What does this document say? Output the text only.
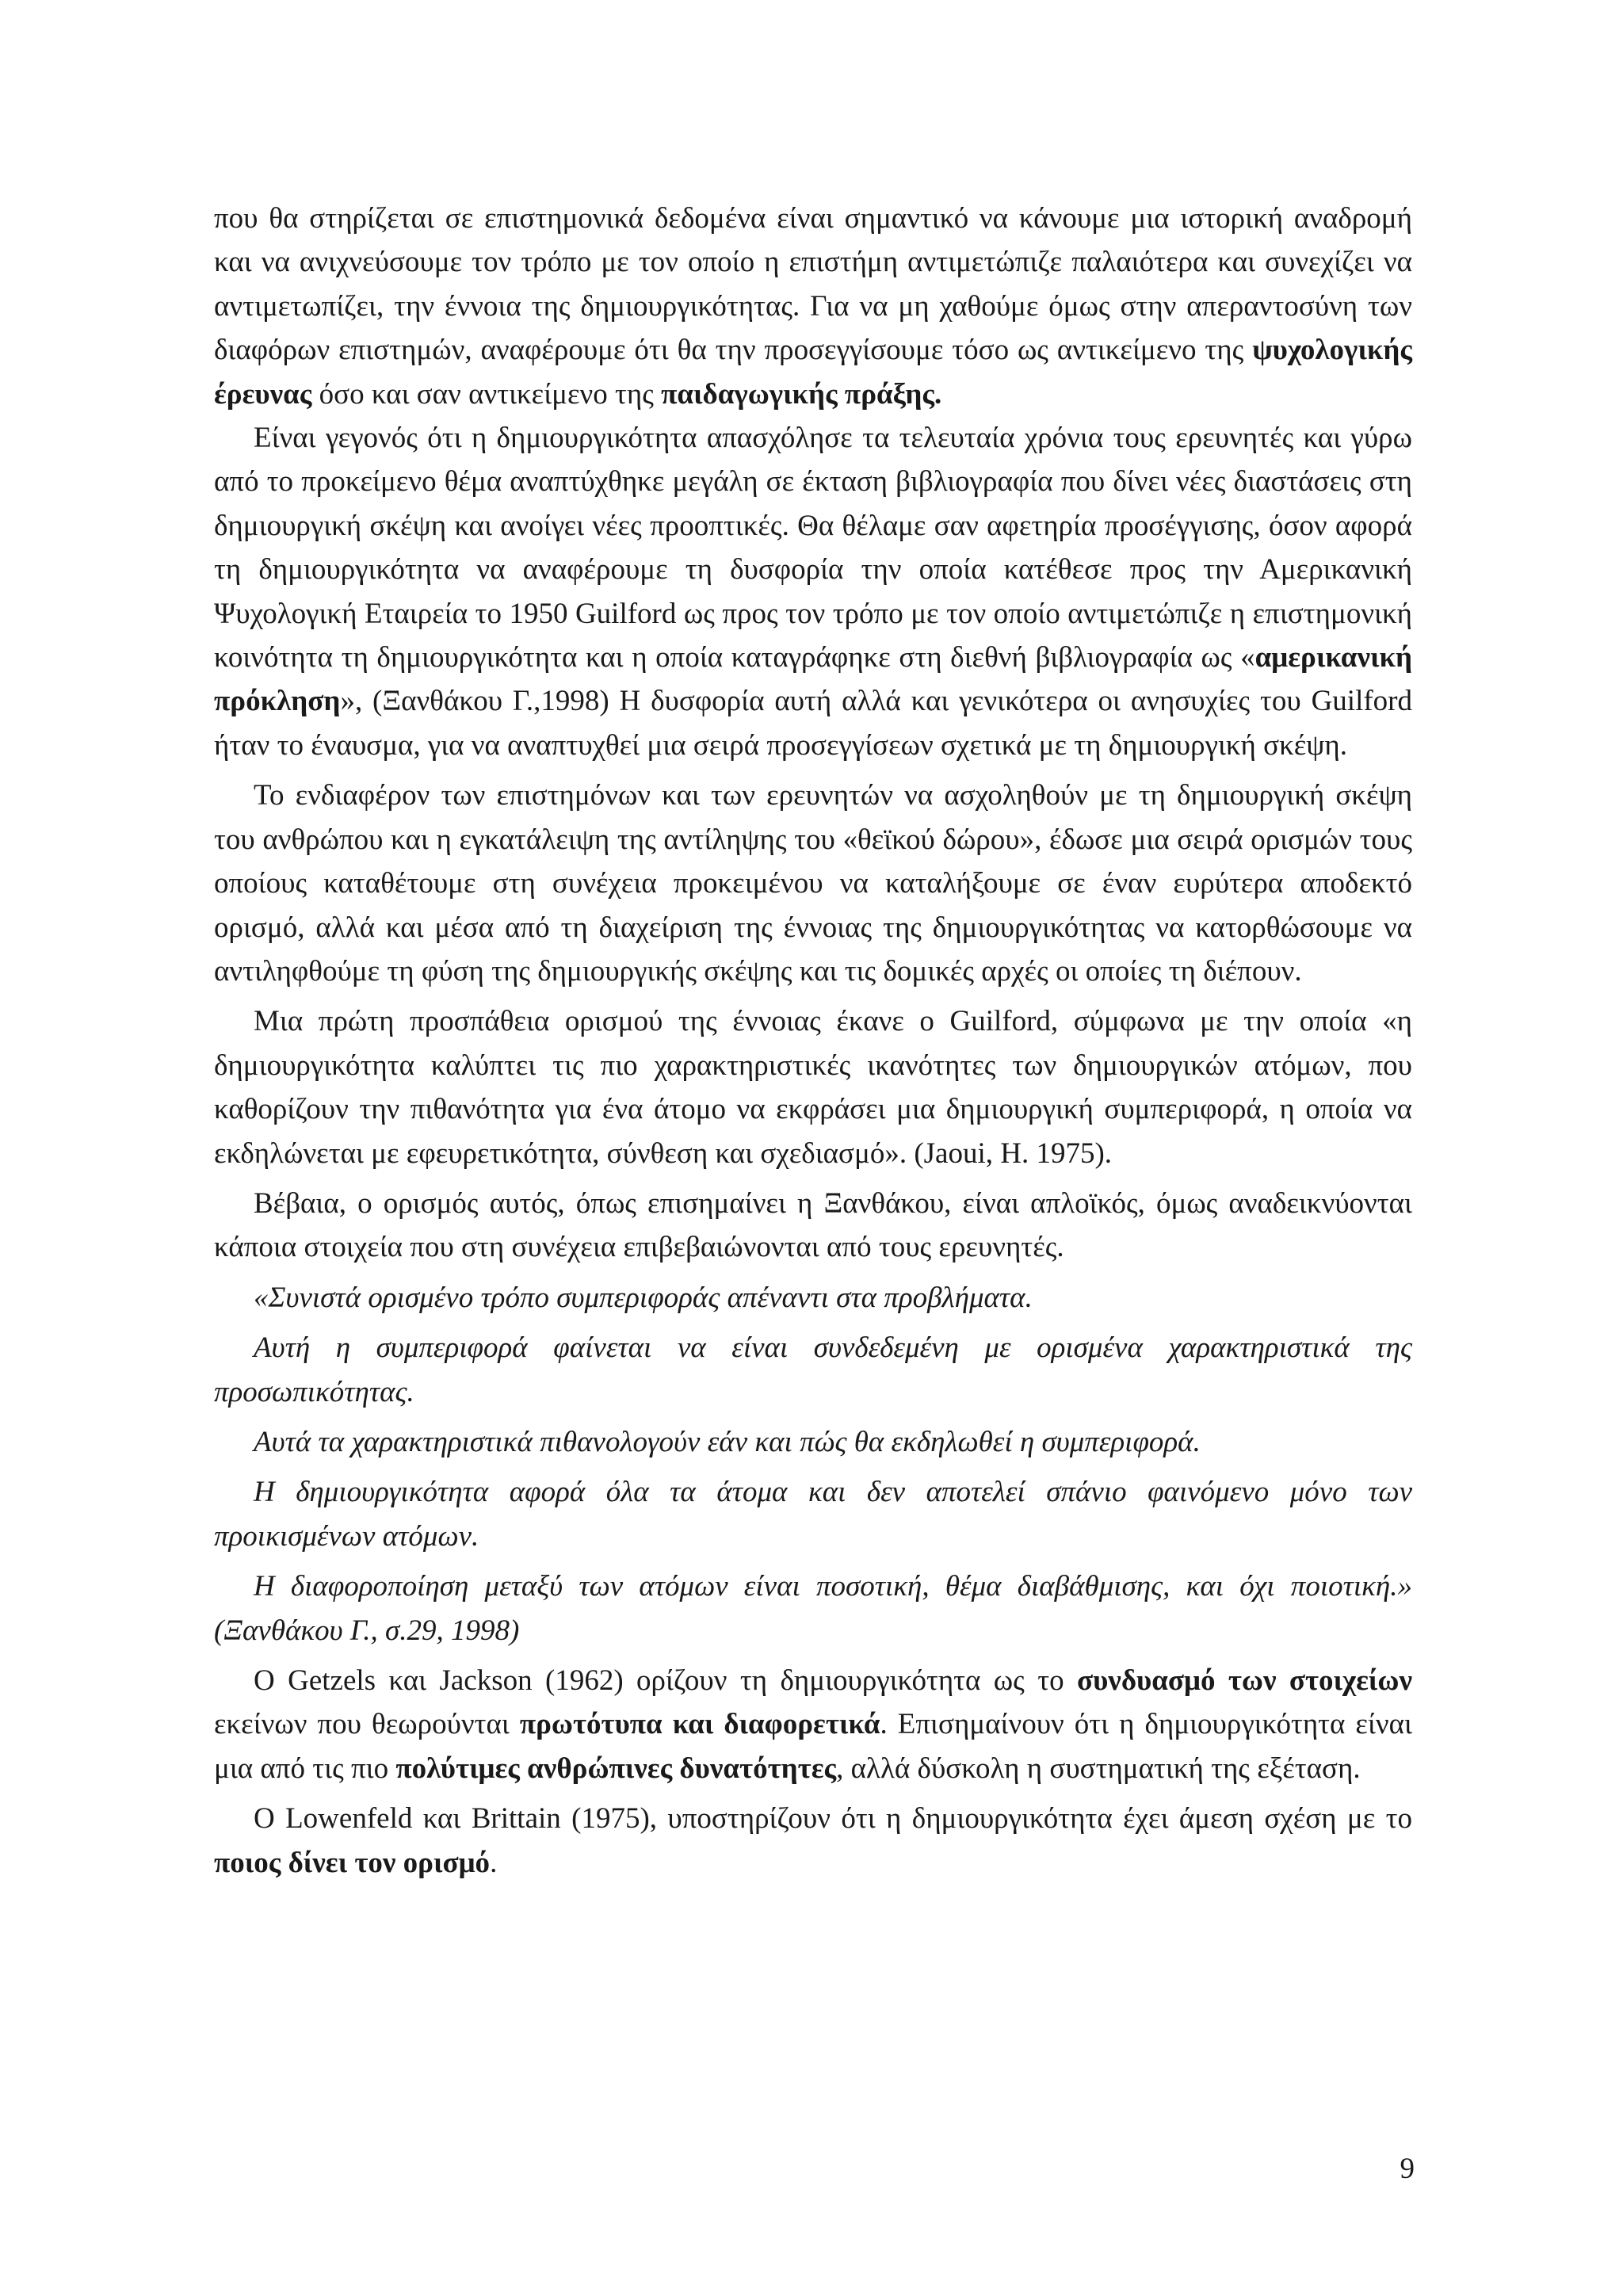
που θα στηρίζεται σε επιστημονικά δεδομένα είναι σημαντικό να κάνουμε μια ιστορική αναδρομή και να ανιχνεύσουμε τον τρόπο με τον οποίο η επιστήμη αντιμετώπιζε παλαιότερα και συνεχίζει να αντιμετωπίζει, την έννοια της δημιουργικότητας. Για να μη χαθούμε όμως στην απεραντοσύνη των διαφόρων επιστημών, αναφέρουμε ότι θα την προσεγγίσουμε τόσο ως αντικείμενο της ψυχολογικής έρευνας όσο και σαν αντικείμενο της παιδαγωγικής πράξης.

Είναι γεγονός ότι η δημιουργικότητα απασχόλησε τα τελευταία χρόνια τους ερευνητές και γύρω από το προκείμενο θέμα αναπτύχθηκε μεγάλη σε έκταση βιβλιογραφία που δίνει νέες διαστάσεις στη δημιουργική σκέψη και ανοίγει νέες προοπτικές. Θα θέλαμε σαν αφετηρία προσέγγισης, όσον αφορά τη δημιουργικότητα να αναφέρουμε τη δυσφορία την οποία κατέθεσε προς την Αμερικανική Ψυχολογική Εταιρεία το 1950 Guilford ως προς τον τρόπο με τον οποίο αντιμετώπιζε η επιστημονική κοινότητα τη δημιουργικότητα και η οποία καταγράφηκε στη διεθνή βιβλιογραφία ως «αμερικανική πρόκληση», (Ξανθάκου Γ.,1998) Η δυσφορία αυτή αλλά και γενικότερα οι ανησυχίες του Guilford ήταν το έναυσμα, για να αναπτυχθεί μια σειρά προσεγγίσεων σχετικά με τη δημιουργική σκέψη.

Το ενδιαφέρον των επιστημόνων και των ερευνητών να ασχοληθούν με τη δημιουργική σκέψη του ανθρώπου και η εγκατάλειψη της αντίληψης του «θεϊκού δώρου», έδωσε μια σειρά ορισμών τους οποίους καταθέτουμε στη συνέχεια προκειμένου να καταλήξουμε σε έναν ευρύτερα αποδεκτό ορισμό, αλλά και μέσα από τη διαχείριση της έννοιας της δημιουργικότητας να κατορθώσουμε να αντιληφθούμε τη φύση της δημιουργικής σκέψης και τις δομικές αρχές οι οποίες τη διέπουν.

Μια πρώτη προσπάθεια ορισμού της έννοιας έκανε ο Guilford, σύμφωνα με την οποία «η δημιουργικότητα καλύπτει τις πιο χαρακτηριστικές ικανότητες των δημιουργικών ατόμων, που καθορίζουν την πιθανότητα για ένα άτομο να εκφράσει μια δημιουργική συμπεριφορά, η οποία να εκδηλώνεται με εφευρετικότητα, σύνθεση και σχεδιασμό». (Jaoui, H. 1975).

Βέβαια, ο ορισμός αυτός, όπως επισημαίνει η Ξανθάκου, είναι απλοϊκός, όμως αναδεικνύονται κάποια στοιχεία που στη συνέχεια επιβεβαιώνονται από τους ερευνητές.

«Συνιστά ορισμένο τρόπο συμπεριφοράς απέναντι στα προβλήματα.

Αυτή η συμπεριφορά φαίνεται να είναι συνδεδεμένη με ορισμένα χαρακτηριστικά της προσωπικότητας.

Αυτά τα χαρακτηριστικά πιθανολογούν εάν και πώς θα εκδηλωθεί η συμπεριφορά.

Η δημιουργικότητα αφορά όλα τα άτομα και δεν αποτελεί σπάνιο φαινόμενο μόνο των προικισμένων ατόμων.

Η διαφοροποίηση μεταξύ των ατόμων είναι ποσοτική, θέμα διαβάθμισης, και όχι ποιοτική.» (Ξανθάκου Γ., σ.29, 1998)

Ο Getzels και Jackson (1962) ορίζουν τη δημιουργικότητα ως το συνδυασμό των στοιχείων εκείνων που θεωρούνται πρωτότυπα και διαφορετικά. Επισημαίνουν ότι η δημιουργικότητα είναι μια από τις πιο πολύτιμες ανθρώπινες δυνατότητες, αλλά δύσκολη η συστηματική της εξέταση.

Ο Lowenfeld και Brittain (1975), υποστηρίζουν ότι η δημιουργικότητα έχει άμεση σχέση με το ποιος δίνει τον ορισμό.

9
